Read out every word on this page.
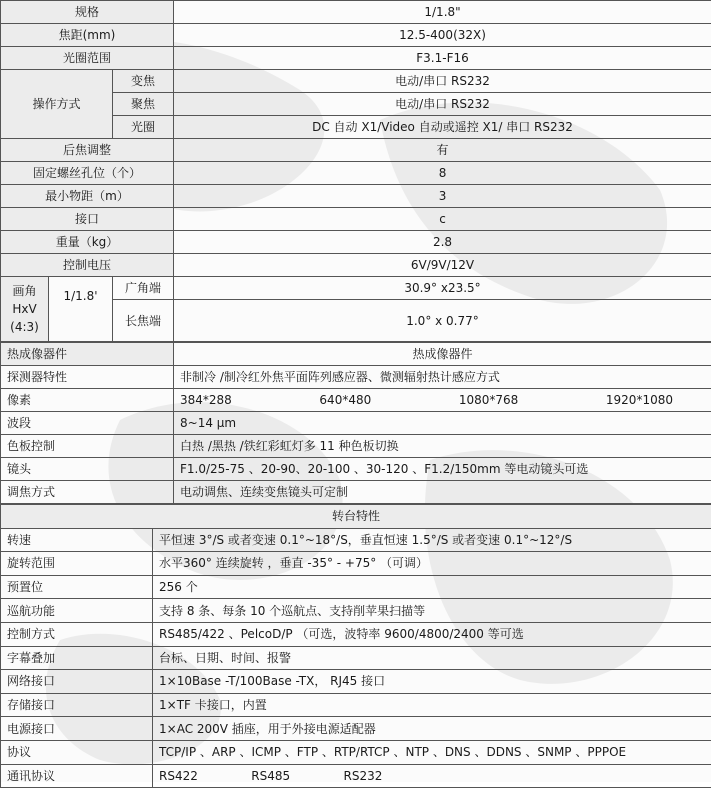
规格			1/1.8"
焦距(mm)			12.5-400(32X)
光圈范围			F3.1-F16
操作方式		变焦	电动/串口 RS232
		聚焦	电动/串口 RS232
		光圈	DC 自动 X1/Video 自动或遥控 X1/ 串口 RS232
后焦调整			有
固定螺丝孔位（个）			8
最小物距（m）			3
接口			c
重量（kg）			2.8
控制电压			6V/9V/12V

画角
HxV
(4:3)	1/1.8'	广角端	30.9° x23.5°
		长焦端	1.0° x 0.77°
热成像器件	热成像器件
探测器特性	非制冷 /制冷红外焦平面阵列感应器、微测辐射热计感应方式
像素	384*288 640*480 1080*768 1920*1080

波段	8~14 μm
色板控制	白热 /黑热 /铁红彩虹灯多 11 种色板切换
镜头	F1.0/25-75 、20-90、20-100 、30-120 、F1.2/150mm 等电动镜头可选
调焦方式	电动调焦、连续变焦镜头可定制
转台特性	
转速	平恒速 3°/S 或者变速 0.1°~18°/S，垂直恒速 1.5°/S 或者变速 0.1°~12°/S
旋转范围	水平360° 连续旋转 ，垂直 -35° - +75° （可调）
预置位	256 个
巡航功能	支持 8 条、每条 10 个巡航点、支持削苹果扫描等
控制方式	RS485/422 、PelcoD/P （可选，波特率 9600/4800/2400 等可选
字幕叠加	台标、日期、时间、报警
网络接口	1×10Base -T/100Base -TX， RJ45 接口
存储接口	1×TF 卡接口，内置
电源接口	1×AC 200V 插座，用于外接电源适配器
协议	TCP/IP 、ARP 、ICMP 、FTP 、RTP/RTCP 、NTP 、DNS 、DDNS 、SNMP 、PPPOE
通讯协议	RS422              RS485              RS232
